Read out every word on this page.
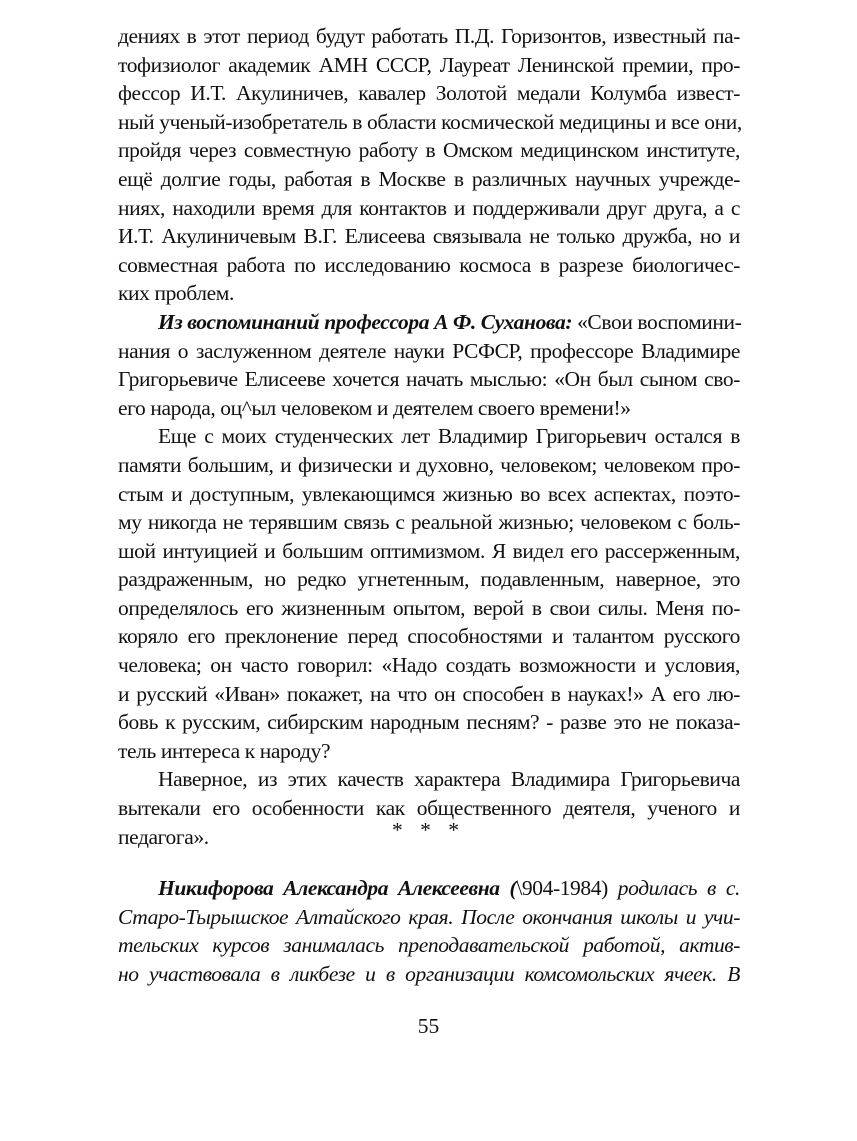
дениях в этот период будут работать П.Д. Горизонтов, известный па-
тофизиолог академик АМН СССР, Лауреат Ленинской премии, про-
фессор И.Т. Акулиничев, кавалер Золотой медали Колумба извест-
ный ученый-изобретатель в области космической медицины и все они,
пройдя через совместную работу в Омском медицинском институте,
ещё долгие годы, работая в Москве в различных научных учрежде-
ниях, находили время для контактов и поддерживали друг друга, а с
И.Т. Акулиничевым В.Г. Елисеева связывала не только дружба, но и
совместная работа по исследованию космоса в разрезе биологичес-
ких проблем.
Из воспоминаний профессора А Ф. Суханова: «Свои воспомини-
нания о заслуженном деятеле науки РСФСР, профессоре Владимире
Григорьевиче Елисееве хочется начать мыслью: «Он был сыном сво-
его народа, оц^ыл человеком и деятелем своего времени!»
Еще с моих студенческих лет Владимир Григорьевич остался в
памяти большим, и физически и духовно, человеком; человеком про-
стым и доступным, увлекающимся жизнью во всех аспектах, поэто-
му никогда не терявшим связь с реальной жизнью; человеком с боль-
шой интуицией и большим оптимизмом. Я видел его рассерженным,
раздраженным, но редко угнетенным, подавленным, наверное, это
определялось его жизненным опытом, верой в свои силы. Меня по-
коряло его преклонение перед способностями и талантом русского
человека; он часто говорил: «Надо создать возможности и условия,
и русский «Иван» покажет, на что он способен в науках!» А его лю-
бовь к русским, сибирским народным песням? - разве это не показа-
тель интереса к народу?
Наверное, из этих качеств характера Владимира Григорьевича
вытекали его особенности как общественного деятеля, ученого и
педагога».	* * *
Никифорова Александра Алексеевна (\904-1984) родилась в с.
Старо-Тырышское Алтайского края. После окончания школы и учи-
тельских курсов занималась преподавательской работой, актив-
но участвовала в ликбезе и в организации комсомольских ячеек. В
55
